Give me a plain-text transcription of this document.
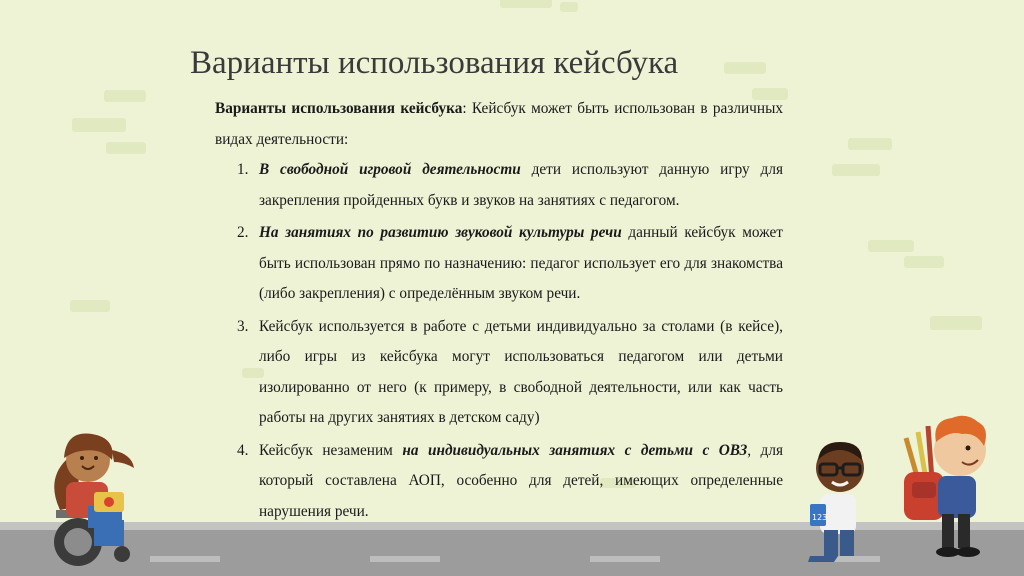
Варианты использования кейсбука

Варианты использования кейсбука: Кейсбук может быть использован в различных видах деятельности:

1. В свободной игровой деятельности дети используют данную игру для закрепления пройденных букв и звуков на занятиях с педагогом.
2. На занятиях по развитию звуковой культуры речи данный кейсбук может быть использован прямо по назначению: педагог использует его для знакомства (либо закрепления) с определённым звуком речи.
3. Кейсбук используется в работе с детьми индивидуально за столами (в кейсе), либо игры из кейсбука могут использоваться педагогом или детьми изолированно от него (к примеру, в свободной деятельности, или как часть работы на других занятиях в детском саду)
4. Кейсбук незаменим на индивидуальных занятиях с детьми с ОВЗ, для который составлена АОП, особенно для детей, имеющих определенные нарушения речи.	123
